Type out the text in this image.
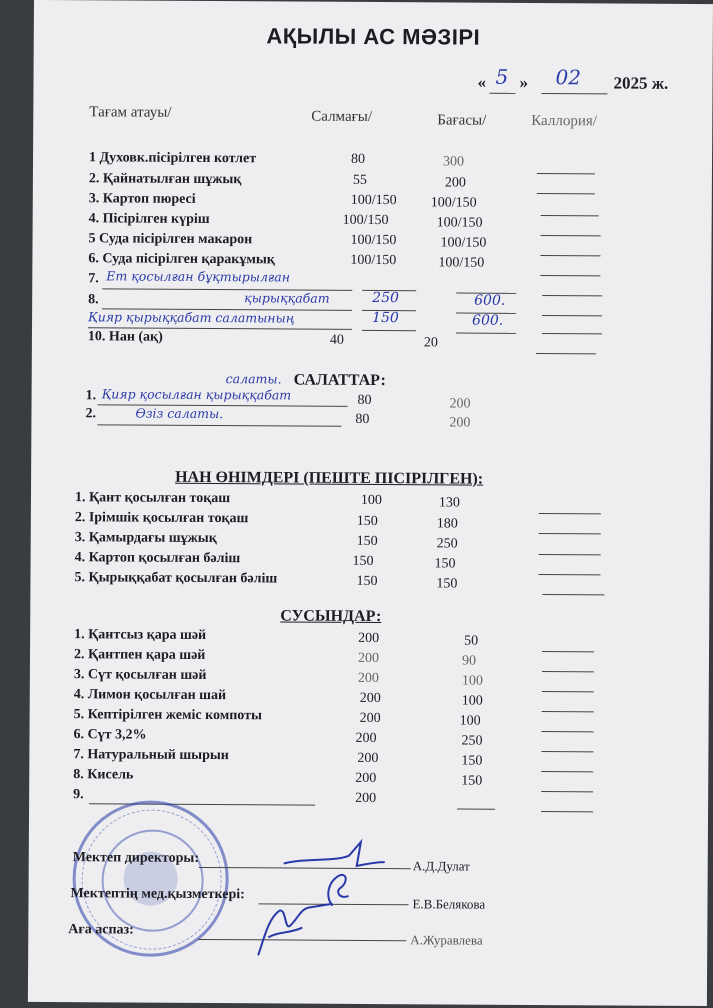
АҚЫЛЫ АС МӘЗІРІ
« 5 » 02 2025 ж.
Тағам атауы/	Салмағы/	Бағасы/	Каллория/
1 Духовк.пісірілген котлет	80	300
2. Қайнатылған шұжық	55	200
3. Картоп пюресі	100/150 100/150
4. Пісірілген күріш	100/150	100/150
5 Суда пісірілген макарон	100/150	100/150
6. Суда пісірілген қаракұмық	100/150	100/150
7. Ет қосылған бұқтырылған
8.	қырыққабат	250	600.
Қияр қырыққабат салатының	150	600.
10. Нан (ақ)	40	20
салаты. САЛАТТАР:
1. Қияр қосылған қырыққабат	80	200
2.	Өзіз салаты.	80	200
НАН ӨНІМДЕРІ (ПЕШТЕ ПІСІРІЛГЕН):
1. Қант қосылған тоқаш	100	130
2. Ірімшік қосылған тоқаш	150	180
3. Қамырдағы шұжық	150	250
4. Картоп қосылған бәліш	150	150
5. Қырыққабат қосылған бәліш	150	150
СУСЫНДАР:
1. Қантсыз қара шәй	200	50
2. Қантпен қара шәй	200	90
3. Сүт қосылған шәй	200	100
4. Лимон қосылған шай	200	100
5. Кептірілген жеміс компоты	200	100
6. Сүт 3,2%	200	250
7. Натуральный шырын	200	150
8. Кисель	200	150
9.	200
Мектеп директоры:	А.Д.Дулат
Мектептің мед.қызметкері:
Е.В.Белякова
Аға аспаз:
А.Журавлева
